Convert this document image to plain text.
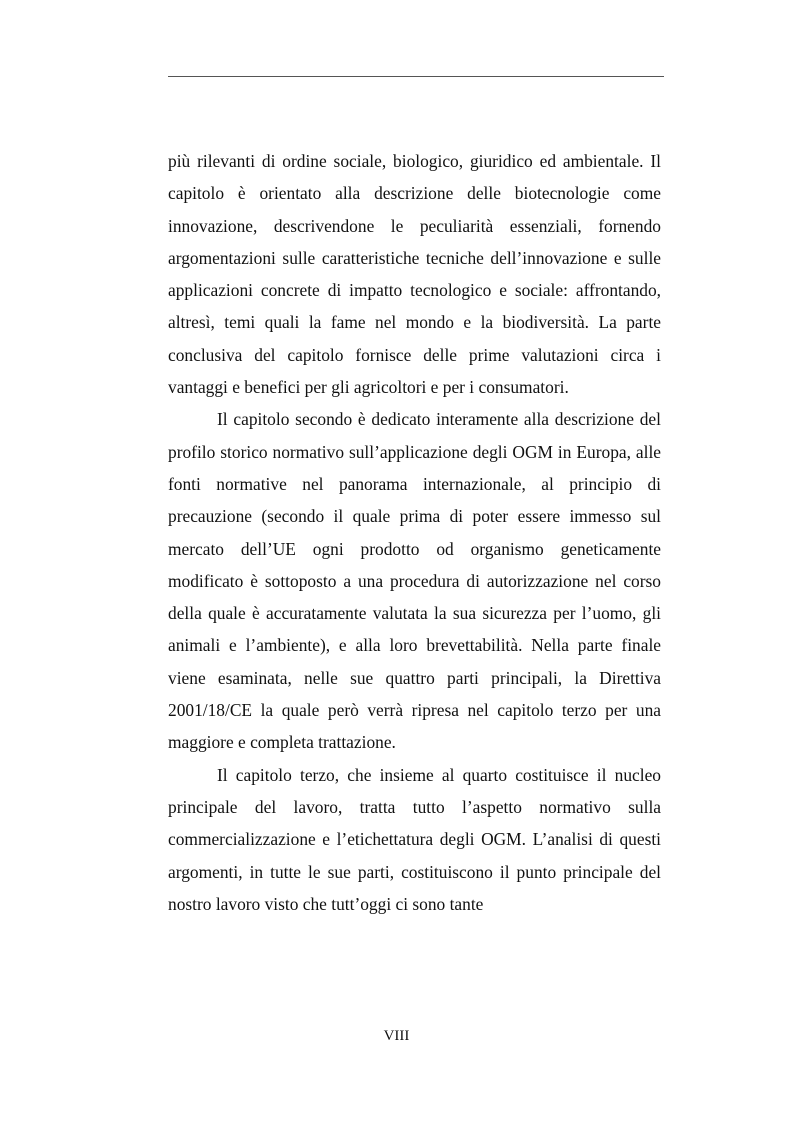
più rilevanti di ordine sociale, biologico, giuridico ed ambientale. Il capitolo è orientato alla descrizione delle biotecnologie come innovazione, descrivendone le peculiarità essenziali, fornendo argomentazioni sulle caratteristiche tecniche dell’innovazione e sulle applicazioni concrete di impatto tecnologico e sociale: affrontando, altresì, temi quali la fame nel mondo e la biodiversità. La parte conclusiva del capitolo fornisce delle prime valutazioni circa i vantaggi e benefici per gli agricoltori e per i consumatori.

Il capitolo secondo è dedicato interamente alla descrizione del profilo storico normativo sull’applicazione degli OGM in Europa, alle fonti normative nel panorama internazionale, al principio di precauzione (secondo il quale prima di poter essere immesso sul mercato dell’UE ogni prodotto od organismo geneticamente modificato è sottoposto a una procedura di autorizzazione nel corso della quale è accuratamente valutata la sua sicurezza per l’uomo, gli animali e l’ambiente), e alla loro brevettabilità. Nella parte finale viene esaminata, nelle sue quattro parti principali, la Direttiva 2001/18/CE la quale però verrà ripresa nel capitolo terzo per una maggiore e completa trattazione.

Il capitolo terzo, che insieme al quarto costituisce il nucleo principale del lavoro, tratta tutto l’aspetto normativo sulla commercializzazione e l’etichettatura degli OGM. L’analisi di questi argomenti, in tutte le sue parti, costituiscono il punto principale del nostro lavoro visto che tutt’oggi ci sono tante

VIII
